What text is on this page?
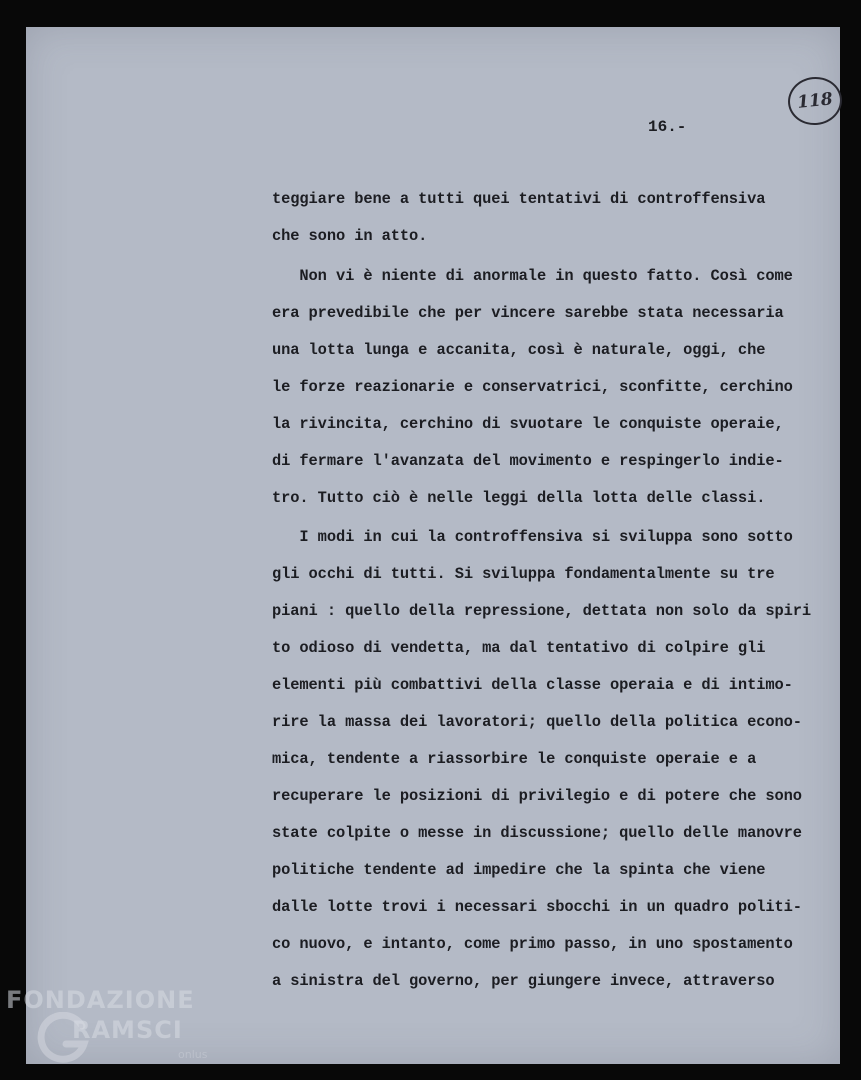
118
16.-
teggiare bene a tutti quei tentativi di controffensiva
che sono in atto.
Non vi è niente di anormale in questo fatto. Così come
era prevedibile che per vincere sarebbe stata necessaria
una lotta lunga e accanita, così è naturale, oggi, che
le forze reazionarie e conservatrici, sconfitte, cerchino
la rivincita, cerchino di svuotare le conquiste operaie,
di fermare l'avanzata del movimento e respingerlo indie-
tro. Tutto ciò è nelle leggi della lotta delle classi.
I modi in cui la controffensiva si sviluppa sono sotto
gli occhi di tutti. Si sviluppa fondamentalmente su tre
piani : quello della repressione, dettata non solo da spiri
to odioso di vendetta, ma dal tentativo di colpire gli
elementi più combattivi della classe operaia e di intimo-
rire la massa dei lavoratori; quello della politica econo-
mica, tendente a riassorbire le conquiste operaie e a
recuperare le posizioni di privilegio e di potere che sono
state colpite o messe in discussione; quello delle manovre
politiche tendente ad impedire che la spinta che viene
dalle lotte trovi i necessari sbocchi in un quadro politi-
co nuovo, e intanto, come primo passo, in uno spostamento
a sinistra del governo, per giungere invece, attraverso
FONDAZIONE
RAMSCI
onlus
